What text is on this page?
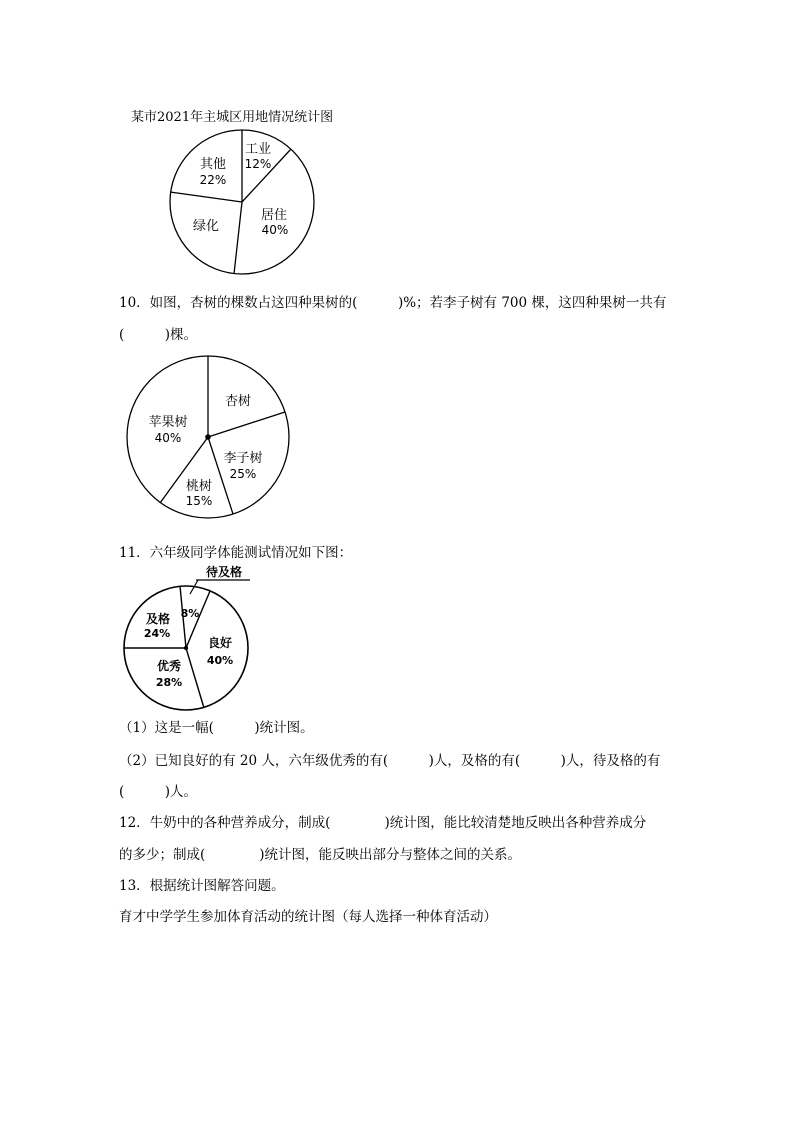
某市2021年主城区用地情况统计图
工业
12%
其他
22%
绿化
居住
40%
10．如图，杏树的棵数占这四种果树的(　　　)%；若李子树有 700 棵，这四种果树一共有
(　　　)棵。
杏树
苹果树
40%
李子树
25%
桃树
15%
11．六年级同学体能测试情况如下图：
待及格
8%
及格
24%
良好
40%
优秀
28%
（1）这是一幅(　　　)统计图。
（2）已知良好的有 20 人，六年级优秀的有(　　　)人，及格的有(　　　)人，待及格的有
(　　　)人。
12．牛奶中的各种营养成分，制成(　　　　)统计图，能比较清楚地反映出各种营养成分
的多少；制成(　　　　)统计图，能反映出部分与整体之间的关系。
13．根据统计图解答问题。
育才中学学生参加体育活动的统计图（每人选择一种体育活动）
